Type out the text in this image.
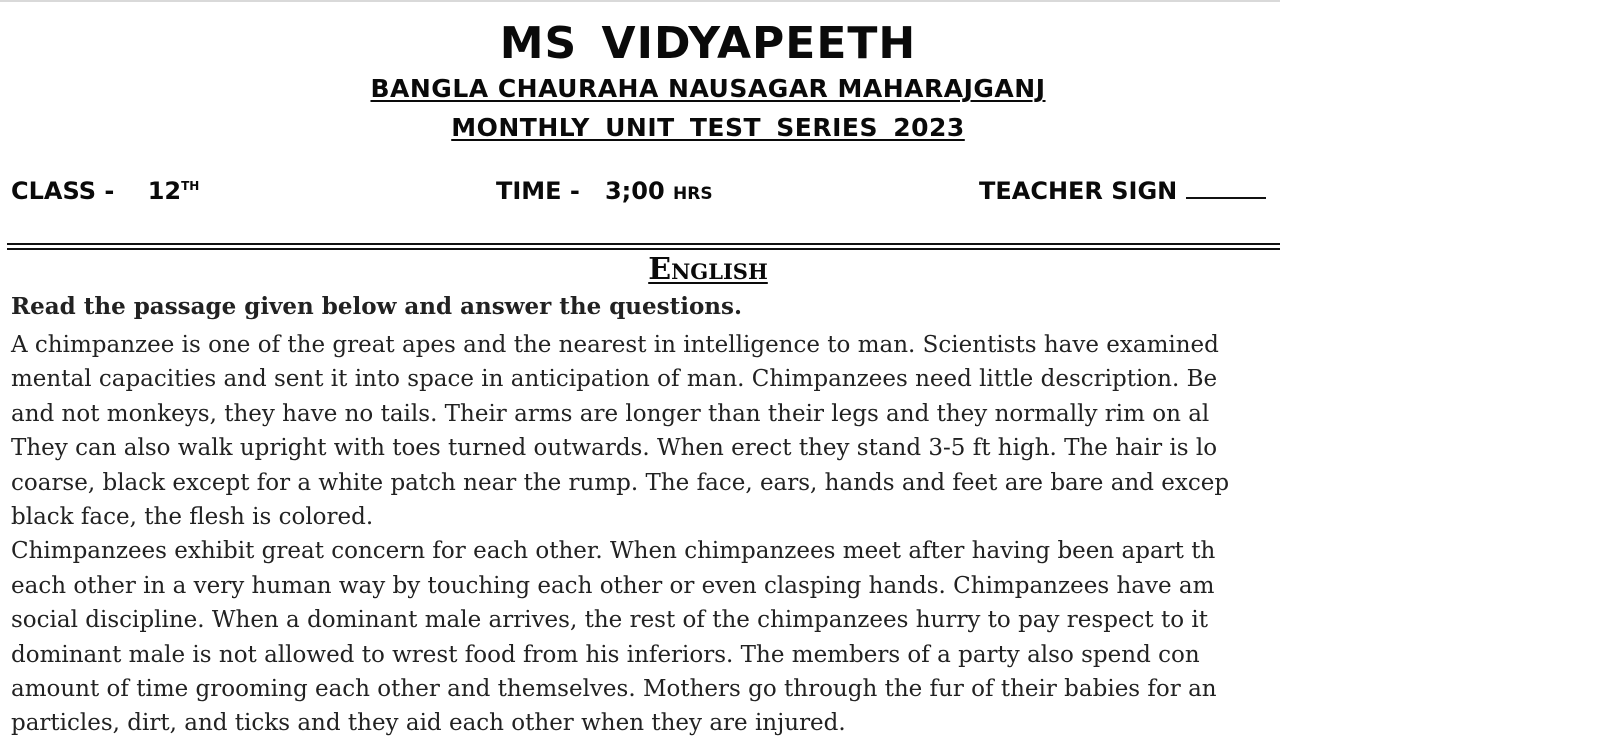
MS VIDYAPEETH
BANGLA CHAURAHA NAUSAGAR MAHARAJGANJ
MONTHLY UNIT TEST SERIES 2023
CLASS - 12TH	TIME - 3;00 HRS	TEACHER SIGN
English
Read the passage given below and answer the questions.
A chimpanzee is one of the great apes and the nearest in intelligence to man. Scientists have examined
mental capacities and sent it into space in anticipation of man. Chimpanzees need little description. Be
and not monkeys, they have no tails. Their arms are longer than their legs and they normally rim on al
They can also walk upright with toes turned outwards. When erect they stand 3-5 ft high. The hair is lo
coarse, black except for a white patch near the rump. The face, ears, hands and feet are bare and excep
black face, the flesh is colored.
Chimpanzees exhibit great concern for each other. When chimpanzees meet after having been apart th
each other in a very human way by touching each other or even clasping hands. Chimpanzees have am
social discipline. When a dominant male arrives, the rest of the chimpanzees hurry to pay respect to it
dominant male is not allowed to wrest food from his inferiors. The members of a party also spend con
amount of time grooming each other and themselves. Mothers go through the fur of their babies for an
particles, dirt, and ticks and they aid each other when they are injured.
